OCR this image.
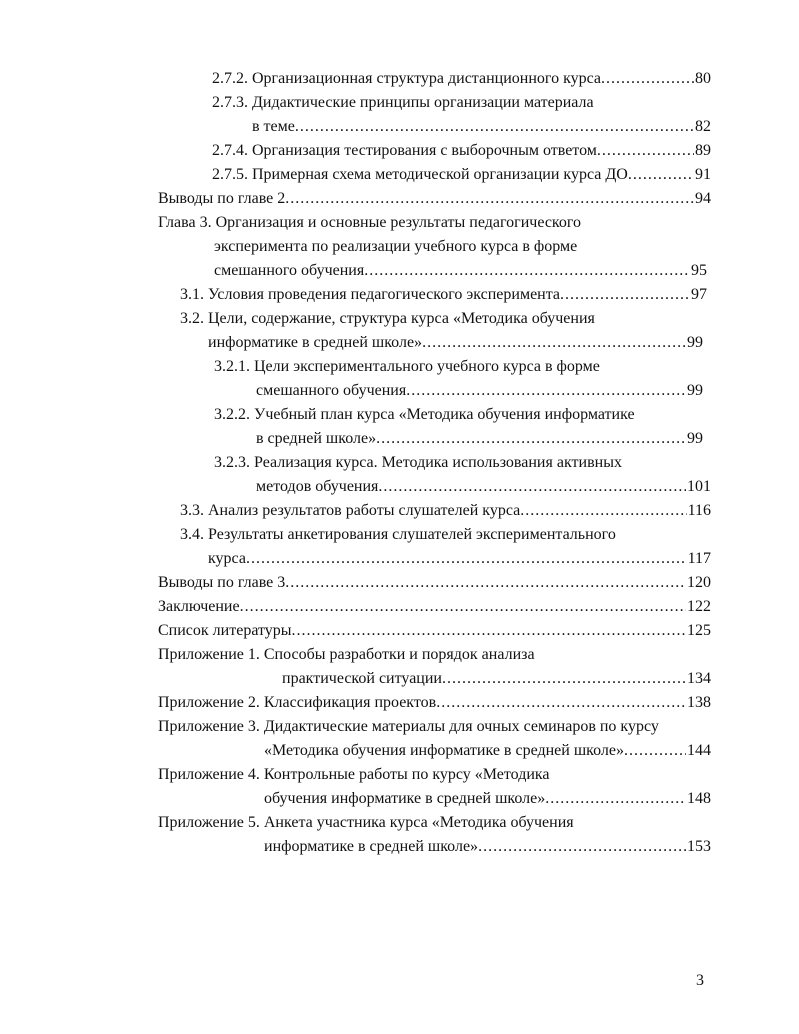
2.7.2. Организационная структура дистанционного курса .....	80
2.7.3. Дидактические принципы организации материала
в теме .....	82
2.7.4. Организация тестирования с выборочным ответом .....	89
2.7.5. Примерная схема методической организации курса ДО .....	91
Выводы по главе 2 .....	94
Глава 3. Организация и основные результаты педагогического
эксперимента по реализации учебного курса в форме
смешанного обучения .....	95
3.1. Условия проведения педагогического эксперимента .....	97
3.2. Цели, содержание, структура курса «Методика обучения
информатике в средней школе» .....	99
3.2.1. Цели экспериментального учебного курса в форме
смешанного обучения .....	99
3.2.2. Учебный план курса «Методика обучения информатике
в средней школе» .....	99
3.2.3. Реализация курса. Методика использования активных
методов обучения .....	101
3.3. Анализ результатов работы слушателей курса .....	116
3.4. Результаты анкетирования слушателей экспериментального
курса .....	117
Выводы по главе 3 .....	120
Заключение .....	122
Список литературы .....	125
Приложение 1. Способы разработки и порядок анализа
практической ситуации .....	134
Приложение 2. Классификация проектов .....	138
Приложение 3. Дидактические материалы для очных семинаров по курсу
«Методика обучения информатике в средней школе» .....	144
Приложение 4. Контрольные работы по курсу «Методика
обучения информатике в средней школе» .....	148
Приложение 5. Анкета участника курса «Методика обучения
информатике в средней школе» .....	153
3
